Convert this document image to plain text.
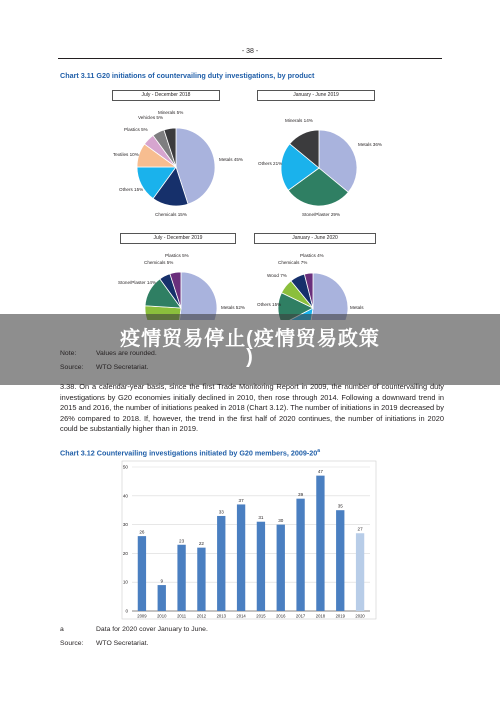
- 38 -
Chart 3.11 G20 initiations of countervailing duty investigations, by product
July - December 2018	January - June 2019
July - December 2019	January - June 2020
Metals 45%
Chemicals 15%
Others 15%
Textiles 10%
Plastics 5%
Vehicles 5%
Minerals 5%
Metals 36%
Stone/Plaster 29%
Others 21%
Minerals 14%
Metals 52%
Stone/Plaster 14%
Chemicals 5%
Plastics 5%
Metals
Others 15%
Wood 7%
Chemicals 7%
Plastics 4%
疫情贸易停止(疫情贸易政策
)
Note:	Values are rounded.
Source: WTO Secretariat.
3.38. On a calendar-year basis, since the first Trade Monitoring Report in 2009, the number of countervailing duty investigations by G20 economies initially declined in 2010, then rose through 2014. Following a downward trend in 2015 and 2016, the number of initiations peaked in 2018 (Chart 3.12). The number of initiations in 2019 decreased by 26% compared to 2018. If, however, the trend in the first half of 2020 continues, the number of initiations in 2020 could be substantially higher than in 2019.
Chart 3.12 Countervailing investigations initiated by G20 members, 2009-20$^a$
26
9
23
22
33
37
31
30
39
47
35
27
2009	2010	2011	2012	2013	2014	2015	2016	2017	2018	2019	2020
0
10
20
30
40
50
a	Data for 2020 cover January to June.
Source: WTO Secretariat.
